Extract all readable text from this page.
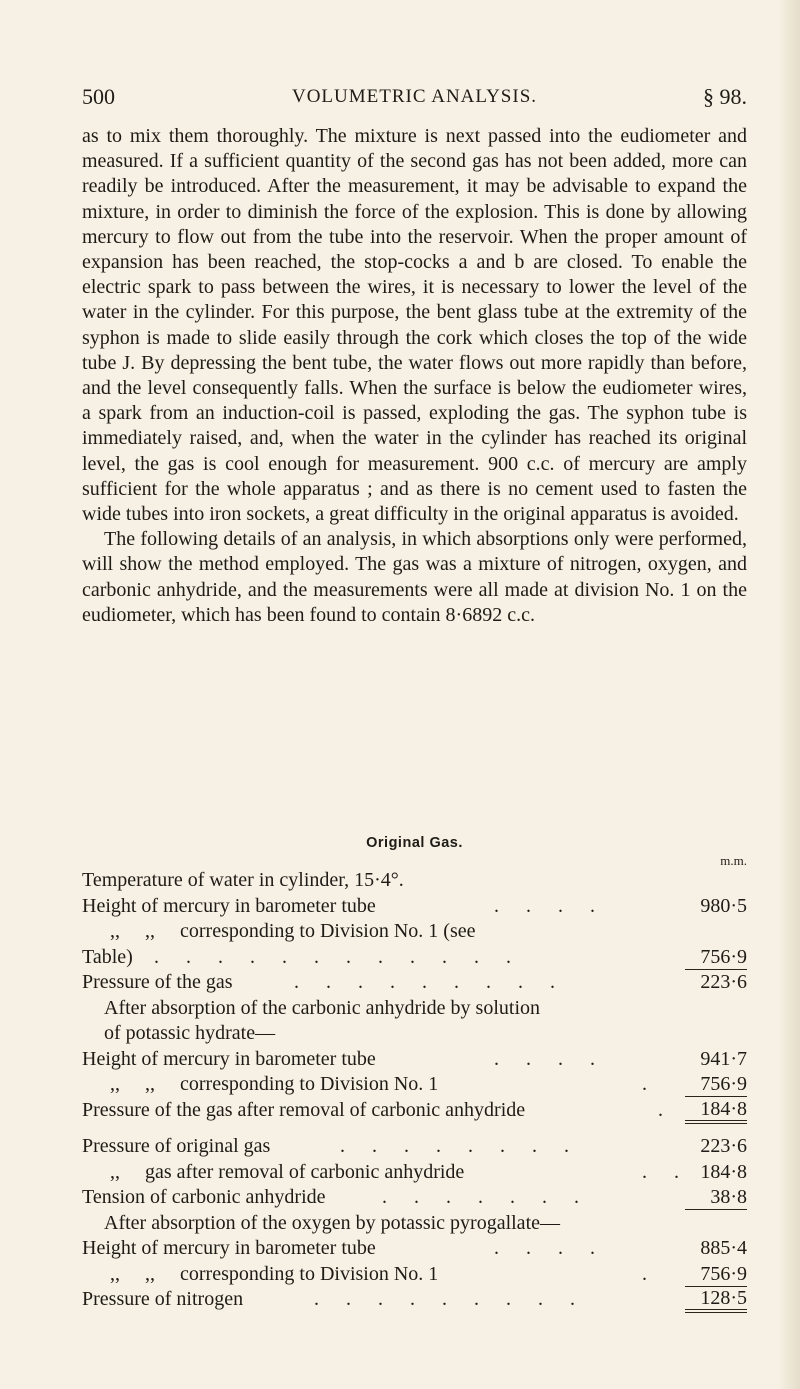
500	VOLUMETRIC ANALYSIS.	§ 98.

as to mix them thoroughly. The mixture is next passed into the eudiometer and measured. If a sufficient quantity of the second gas has not been added, more can readily be introduced. After the measurement, it may be advisable to expand the mixture, in order to diminish the force of the explosion. This is done by allowing mercury to flow out from the tube into the reservoir. When the proper amount of expansion has been reached, the stop-cocks a and b are closed. To enable the electric spark to pass between the wires, it is necessary to lower the level of the water in the cylinder. For this purpose, the bent glass tube at the extremity of the syphon is made to slide easily through the cork which closes the top of the wide tube J. By depressing the bent tube, the water flows out more rapidly than before, and the level consequently falls. When the surface is below the eudiometer wires, a spark from an induction-coil is passed, exploding the gas. The syphon tube is immediately raised, and, when the water in the cylinder has reached its original level, the gas is cool enough for measurement. 900 c.c. of mercury are amply sufficient for the whole apparatus ; and as there is no cement used to fasten the wide tubes into iron sockets, a great difficulty in the original apparatus is avoided.

The following details of an analysis, in which absorptions only were performed, will show the method employed. The gas was a mixture of nitrogen, oxygen, and carbonic anhydride, and the measurements were all made at division No. 1 on the eudiometer, which has been found to contain 8·6892 c.c.

Original Gas.
m.m.
Temperature of water in cylinder, 15·4°.
Height of mercury in barometer tube	. . . .	980·5
,,     ,,     corresponding to Division No. 1 (see
Table) . . . . . . . . . . . .	756·9
Pressure of the gas	. . . . . . . . .	223·6
After absorption of the carbonic anhydride by solution
of potassic hydrate—
Height of mercury in barometer tube	. . . .	941·7
,,     ,,     corresponding to Division No. 1	.	756·9
Pressure of the gas after removal of carbonic anhydride	.	184·8
Pressure of original gas	. . . . . . . .	223·6
,,     gas after removal of carbonic anhydride	. . 184·8
Tension of carbonic anhydride	. . . . . . .	38·8
After absorption of the oxygen by potassic pyrogallate—
Height of mercury in barometer tube	. . . .	885·4
,,     ,,     corresponding to Division No. 1	.	756·9
Pressure of nitrogen	. . . . . . . . .	128·5
